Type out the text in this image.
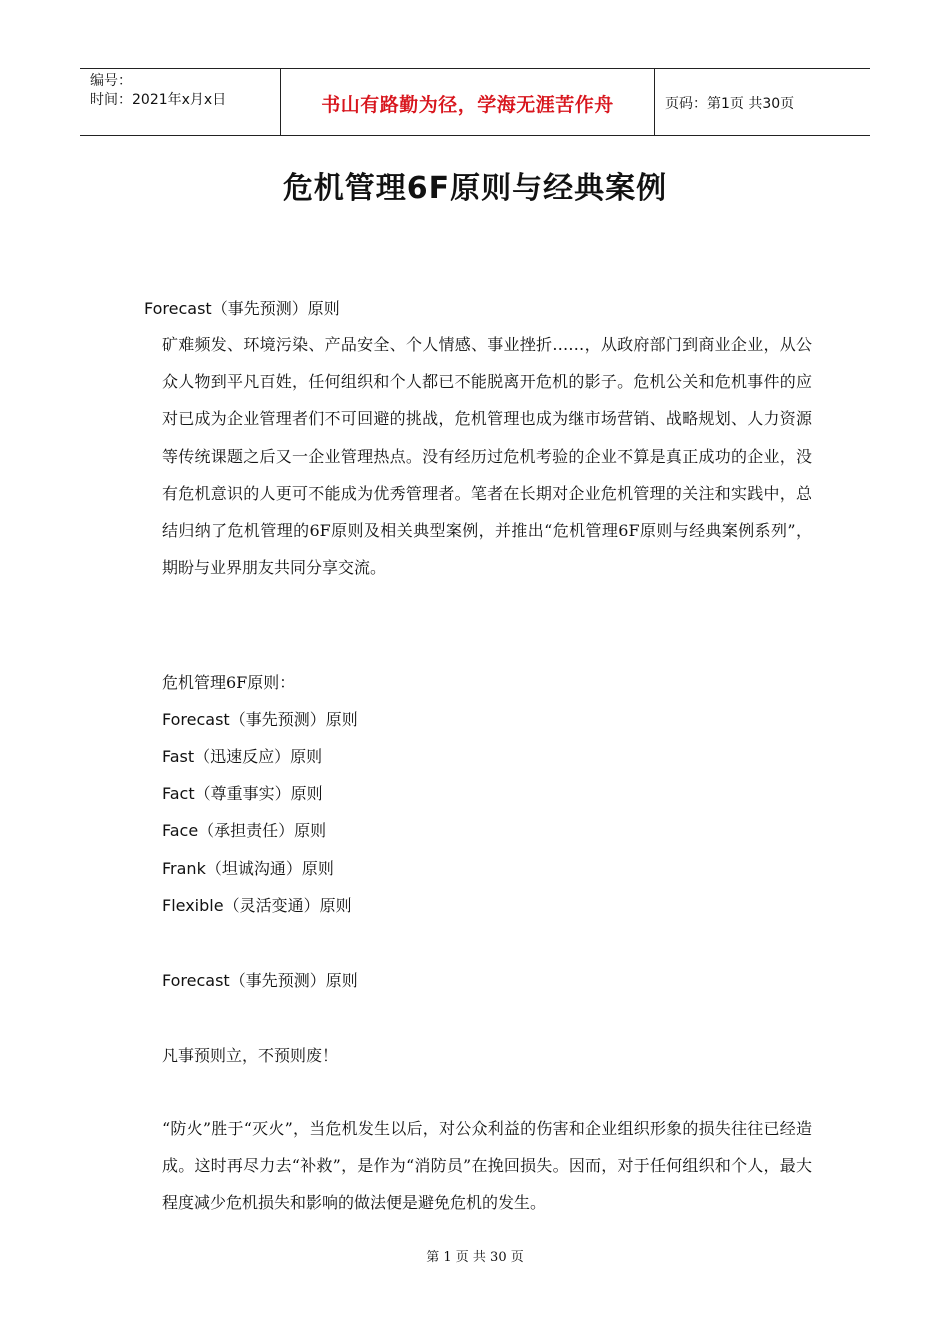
编号：
时间：2021年x月x日	书山有路勤为径，学海无涯苦作舟	页码：第1页 共30页
危机管理6F原则与经典案例
Forecast（事先预测）原则

矿难频发、环境污染、产品安全、个人情感、事业挫折……，从政府部门到商业企业，从公众人物到平凡百姓，任何组织和个人都已不能脱离开危机的影子。危机公关和危机事件的应对已成为企业管理者们不可回避的挑战，危机管理也成为继市场营销、战略规划、人力资源等传统课题之后又一企业管理热点。没有经历过危机考验的企业不算是真正成功的企业，没有危机意识的人更可不能成为优秀管理者。笔者在长期对企业危机管理的关注和实践中，总结归纳了危机管理的6F原则及相关典型案例，并推出“危机管理6F原则与经典案例系列”，期盼与业界朋友共同分享交流。

危机管理6F原则：
Forecast（事先预测）原则
Fast（迅速反应）原则
Fact（尊重事实）原则
Face（承担责任）原则
Frank（坦诚沟通）原则
Flexible（灵活变通）原则
Forecast（事先预测）原则
凡事预则立，不预则废！

“防火”胜于“灭火”，当危机发生以后，对公众利益的伤害和企业组织形象的损失往往已经造成。这时再尽力去“补救”，是作为“消防员”在挽回损失。因而，对于任何组织和个人，最大程度减少危机损失和影响的做法便是避免危机的发生。

第 1 页 共 30 页
